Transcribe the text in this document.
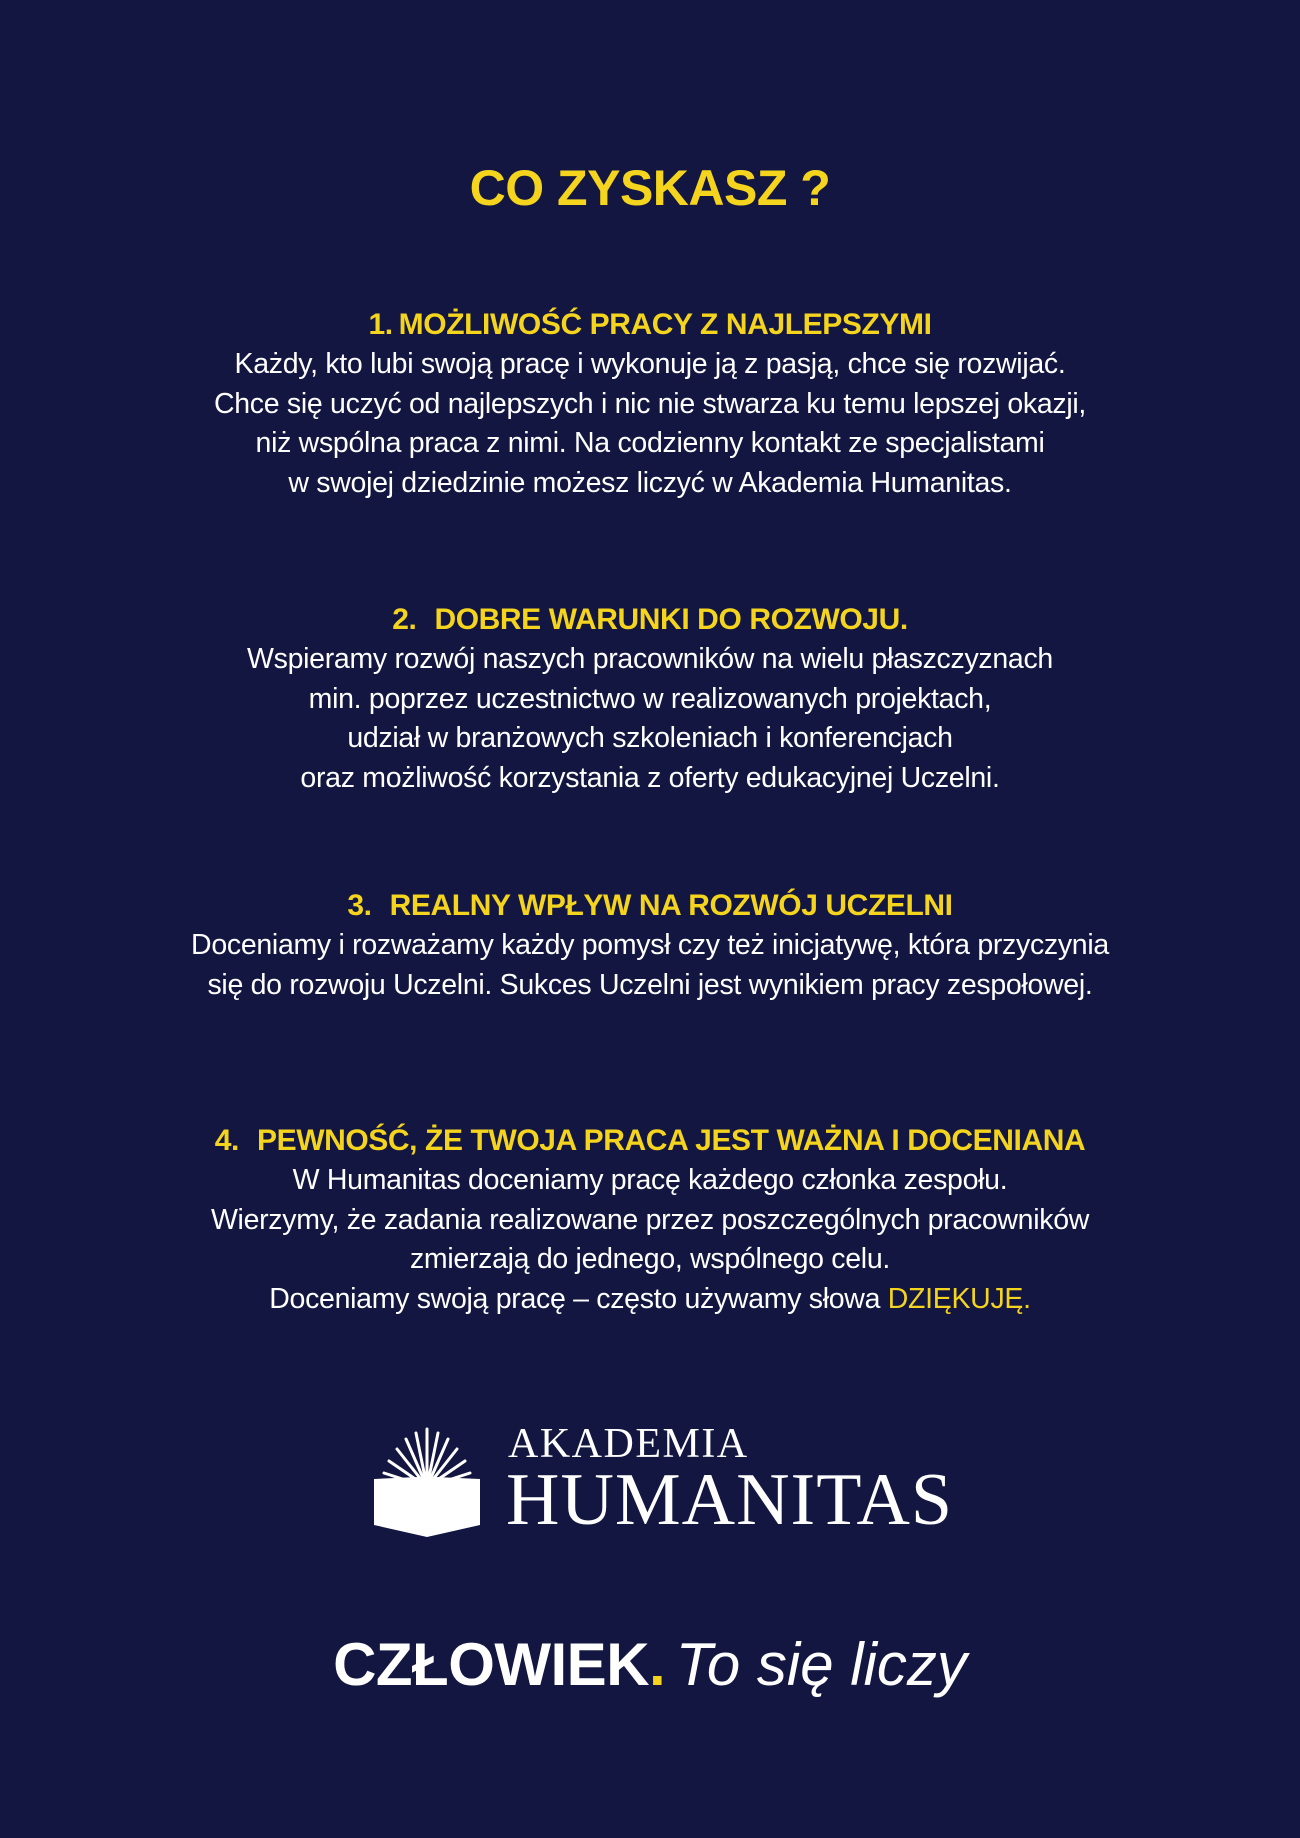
CO ZYSKASZ ?
1. MOŻLIWOŚĆ PRACY Z NAJLEPSZYMI
Każdy, kto lubi swoją pracę i wykonuje ją z pasją, chce się rozwijać.
Chce się uczyć od najlepszych i nic nie stwarza ku temu lepszej okazji,
niż wspólna praca z nimi. Na codzienny kontakt ze specjalistami
w swojej dziedzinie możesz liczyć w Akademia Humanitas.
2. DOBRE WARUNKI DO ROZWOJU.
Wspieramy rozwój naszych pracowników na wielu płaszczyznach
min. poprzez uczestnictwo w realizowanych projektach,
udział w branżowych szkoleniach i konferencjach
oraz możliwość korzystania z oferty edukacyjnej Uczelni.
3. REALNY WPŁYW NA ROZWÓJ UCZELNI
Doceniamy i rozważamy każdy pomysł czy też inicjatywę, która przyczynia
się do rozwoju Uczelni. Sukces Uczelni jest wynikiem pracy zespołowej.
4. PEWNOŚĆ, ŻE TWOJA PRACA JEST WAŻNA I DOCENIANA
W Humanitas doceniamy pracę każdego członka zespołu.
Wierzymy, że zadania realizowane przez poszczególnych pracowników
zmierzają do jednego, wspólnego celu.
Doceniamy swoją pracę – często używamy słowa DZIĘKUJĘ.
AKADEMIA
HUMANITAS
CZŁOWIEK. To się liczy
